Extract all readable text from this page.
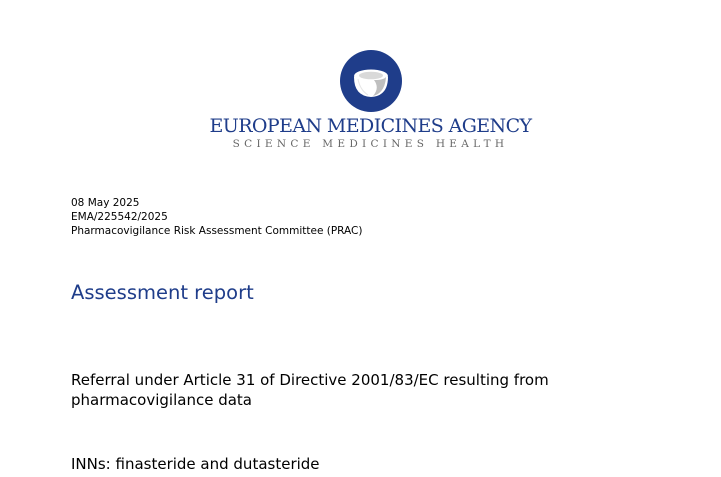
EUROPEAN MEDICINES AGENCY
SCIENCE MEDICINES HEALTH
08 May 2025
EMA/225542/2025
Pharmacovigilance Risk Assessment Committee (PRAC)
Assessment report
Referral under Article 31 of Directive 2001/83/EC resulting from pharmacovigilance data
INNs: finasteride and dutasteride
